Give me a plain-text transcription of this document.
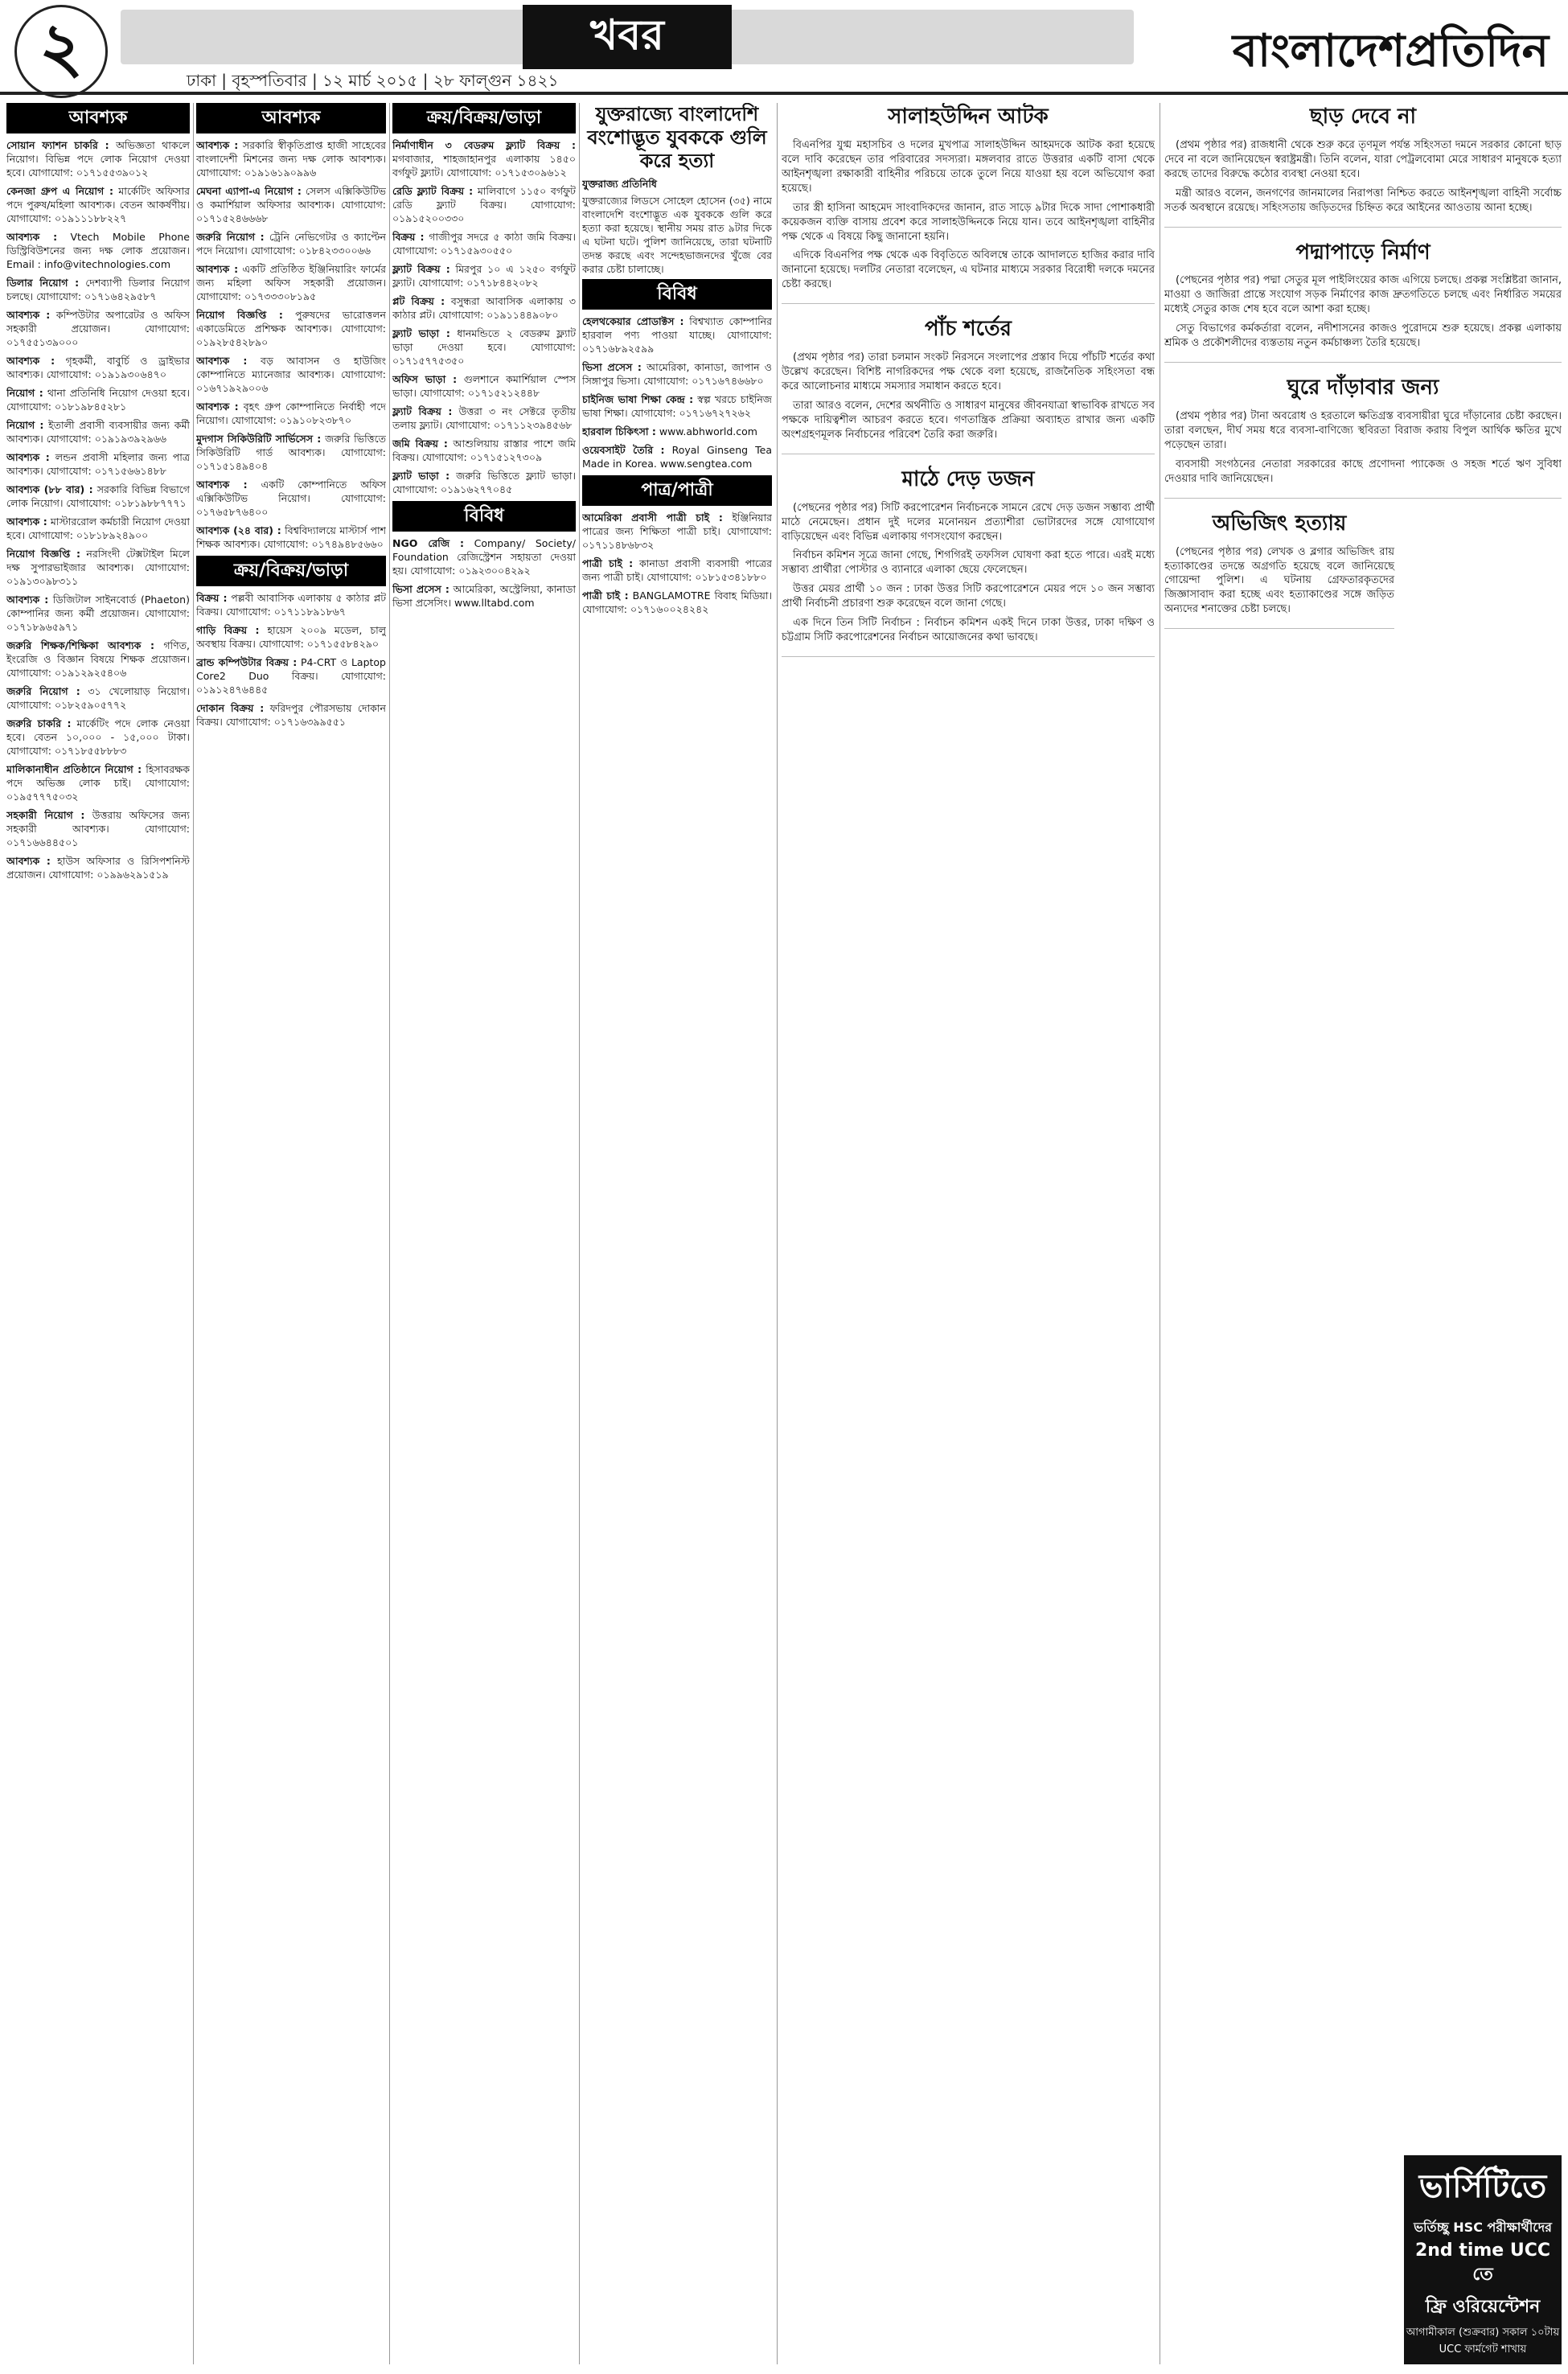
২	খবর
ঢাকা | বৃহস্পতিবার | ১২ মার্চ ২০১৫ | ২৮ ফাল্গুন ১৪২১
বাংলাদেশপ্রতিদিন
আবশ্যক

সোয়ান ফ্যাশন চাকরি : অভিজ্ঞতা থাকলে নিয়োগ। বিভিন্ন পদে লোক নিয়োগ দেওয়া হবে। যোগাযোগ: ০১৭১৫৫৩৯০১২

কেনজা গ্রুপ এ নিয়োগ : মার্কেটিং অফিসার পদে পুরুষ/মহিলা আবশ্যক। বেতন আকর্ষণীয়। যোগাযোগ: ০১৯১১১৮৮২২৭

আবশ্যক : Vtech Mobile Phone ডিস্ট্রিবিউশনের জন্য দক্ষ লোক প্রয়োজন। Email : info@vitechnologies.com

ডিলার নিয়োগ : দেশব্যাপী ডিলার নিয়োগ চলছে। যোগাযোগ: ০১৭১৬৪২৯৫৮৭

আবশ্যক : কম্পিউটার অপারেটর ও অফিস সহকারী প্রয়োজন। যোগাযোগ: ০১৭৫৫১৩৯০০০

আবশ্যক : গৃহকর্মী, বাবুর্চি ও ড্রাইভার আবশ্যক। যোগাযোগ: ০১৯১৯৩০৬৪৭০

নিয়োগ : থানা প্রতিনিধি নিয়োগ দেওয়া হবে। যোগাযোগ: ০১৮১৯৮৪৫২৮১

নিয়োগ : ইতালী প্রবাসী ব্যবসায়ীর জন্য কর্মী আবশ্যক। যোগাযোগ: ০১৯১৯৩৯২৯৬৬

আবশ্যক : লন্ডন প্রবাসী মহিলার জন্য পাত্র আবশ্যক। যোগাযোগ: ০১৭১৫৬৬১৪৮৮

আবশ্যক (৮৮ বার) : সরকারি বিভিন্ন বিভাগে লোক নিয়োগ। যোগাযোগ: ০১৮১৯৮৮৭৭৭১

আবশ্যক : মাস্টাররোল কর্মচারী নিয়োগ দেওয়া হবে। যোগাযোগ: ০১৮১৮৯২৪৯০০

নিয়োগ বিজ্ঞপ্তি : নরসিংদী টেক্সটাইল মিলে দক্ষ সুপারভাইজার আবশ্যক। যোগাযোগ: ০১৯১৩০৯৮৩১১

আবশ্যক : ডিজিটাল সাইনবোর্ড (Phaeton) কোম্পানির জন্য কর্মী প্রয়োজন। যোগাযোগ: ০১৭১৮৯৬৫৯৭১

জরুরি শিক্ষক/শিক্ষিকা আবশ্যক : গণিত, ইংরেজি ও বিজ্ঞান বিষয়ে শিক্ষক প্রয়োজন। যোগাযোগ: ০১৯১২৯২৫৪০৬

জরুরি নিয়োগ : ৩১ খেলোয়াড় নিয়োগ। যোগাযোগ: ০১৮২৫৯০৫৭৭২

জরুরি চাকরি : মার্কেটিং পদে লোক নেওয়া হবে। বেতন ১০,০০০ - ১৫,০০০ টাকা। যোগাযোগ: ০১৭১৮৫৫৮৮৮৩

মালিকানাধীন প্রতিষ্ঠানে নিয়োগ : হিসাবরক্ষক পদে অভিজ্ঞ লোক চাই। যোগাযোগ: ০১৯৫৭৭৭৫০৩২

সহকারী নিয়োগ : উত্তরায় অফিসের জন্য সহকারী আবশ্যক। যোগাযোগ: ০১৭১৬৬৪৪৫০১

আবশ্যক : হাউস অফিসার ও রিসিপশনিস্ট প্রয়োজন। যোগাযোগ: ০১৯৯৬২৯১৫১৯

আবশ্যক

আবশ্যক : সরকারি স্বীকৃতিপ্রাপ্ত হাজী সাহেবের বাংলাদেশী মিশনের জন্য দক্ষ লোক আবশ্যক। যোগাযোগ: ০১৯১৬১৯০৯৯৬

মেঘনা এ্যাপা-এ নিয়োগ : সেলস এক্সিকিউটিভ ও কমার্শিয়াল অফিসার আবশ্যক। যোগাযোগ: ০১৭১৫২৪৬৬৬৮

জরুরি নিয়োগ : ট্রেনি নেভিগেটর ও ক্যাপ্টেন পদে নিয়োগ। যোগাযোগ: ০১৮৪২৩৩০০৬৬

আবশ্যক : একটি প্রতিষ্ঠিত ইঞ্জিনিয়ারিং ফার্মের জন্য মহিলা অফিস সহকারী প্রয়োজন। যোগাযোগ: ০১৭৩৩৩০৮১৯৫

নিয়োগ বিজ্ঞপ্তি : পুরুষদের ভারোত্তলন একাডেমিতে প্রশিক্ষক আবশ্যক। যোগাযোগ: ০১৯২৮৫৪২৮৯০

আবশ্যক : বড় আবাসন ও হাউজিং কোম্পানিতে ম্যানেজার আবশ্যক। যোগাযোগ: ০১৬৭১৯২৯০০৬

আবশ্যক : বৃহৎ গ্রুপ কোম্পানিতে নির্বাহী পদে নিয়োগ। যোগাযোগ: ০১৯১০৮২৩৮৭০

মুদগাস সিকিউরিটি সার্ভিসেস : জরুরি ভিত্তিতে সিকিউরিটি গার্ড আবশ্যক। যোগাযোগ: ০১৭১৫১৪৯৪০৪

আবশ্যক : একটি কোম্পানিতে অফিস এক্সিকিউটিভ নিয়োগ। যোগাযোগ: ০১৭৬৫৮৭৬৪০০

আবশ্যক (২৪ বার) : বিশ্ববিদ্যালয়ে মাস্টার্স পাশ শিক্ষক আবশ্যক। যোগাযোগ: ০১৭৪৯৪৮৫৬৬০

ক্রয়/বিক্রয়/ভাড়া

বিক্রয় : পল্লবী আবাসিক এলাকায় ৫ কাঠার প্লট বিক্রয়। যোগাযোগ: ০১৭১১৮৯১৮৬৭

গাড়ি বিক্রয় : হায়েস ২০০৯ মডেল, চালু অবস্থায় বিক্রয়। যোগাযোগ: ০১৭১৫৫৮৪২৯০

ব্রান্ড কম্পিউটার বিক্রয় : P4-CRT ও Laptop Core2 Duo বিক্রয়। যোগাযোগ: ০১৯১২৪৭৬৪৪৫

দোকান বিক্রয় : ফরিদপুর পৌরসভায় দোকান বিক্রয়। যোগাযোগ: ০১৭১৬৩৯৯৫৫১

ক্রয়/বিক্রয়/ভাড়া

নির্মাণাধীন ৩ বেডরুম ফ্ল্যাট বিক্রয় : মগবাজার, শাহজাহানপুর এলাকায় ১৪৫০ বর্গফুট ফ্ল্যাট। যোগাযোগ: ০১৭১৫৩০৯৬১২

রেডি ফ্ল্যাট বিক্রয় : মালিবাগে ১১৫০ বর্গফুট রেডি ফ্ল্যাট বিক্রয়। যোগাযোগ: ০১৯১৫২০০৩৩০

বিক্রয় : গাজীপুর সদরে ৫ কাঠা জমি বিক্রয়। যোগাযোগ: ০১৭১৫৯৩০৫৫০

ফ্ল্যাট বিক্রয় : মিরপুর ১০ এ ১২৫০ বর্গফুট ফ্ল্যাট। যোগাযোগ: ০১৭১৮৪৪২০৮২

প্লট বিক্রয় : বসুন্ধরা আবাসিক এলাকায় ৩ কাঠার প্লট। যোগাযোগ: ০১৯১১৪৪৯০৮০

ফ্ল্যাট ভাড়া : ধানমন্ডিতে ২ বেডরুম ফ্ল্যাট ভাড়া দেওয়া হবে। যোগাযোগ: ০১৭১৫৭৭৫৩৫০

অফিস ভাড়া : গুলশানে কমার্শিয়াল স্পেস ভাড়া। যোগাযোগ: ০১৭১৫২১২৪৪৮

ফ্ল্যাট বিক্রয় : উত্তরা ৩ নং সেক্টরে তৃতীয় তলায় ফ্ল্যাট। যোগাযোগ: ০১৭১১২৩৯৪৫৬৮

জমি বিক্রয় : আশুলিয়ায় রাস্তার পাশে জমি বিক্রয়। যোগাযোগ: ০১৭১৫১২৭৩০৯

ফ্ল্যাট ভাড়া : জরুরি ভিত্তিতে ফ্ল্যাট ভাড়া। যোগাযোগ: ০১৯১৬২৭৭০৪৫

বিবিধ

NGO রেজি : Company/ Society/ Foundation রেজিস্ট্রেশন সহায়তা দেওয়া হয়। যোগাযোগ: ০১৯২৩০০৪২৯২

ভিসা প্রসেস : আমেরিকা, অস্ট্রেলিয়া, কানাডা ভিসা প্রসেসিং। www.lltabd.com

যুক্তরাজ্যে বাংলাদেশি বংশোদ্ভূত যুবককে গুলি করে হত্যা

যুক্তরাজ্য প্রতিনিধি

যুক্তরাজ্যের লিডসে সোহেল হোসেন (৩৫) নামে বাংলাদেশি বংশোদ্ভূত এক যুবককে গুলি করে হত্যা করা হয়েছে। স্থানীয় সময় রাত ৯টার দিকে এ ঘটনা ঘটে। পুলিশ জানিয়েছে, তারা ঘটনাটি তদন্ত করছে এবং সন্দেহভাজনদের খুঁজে বের করার চেষ্টা চালাচ্ছে।

বিবিধ

হেলথকেয়ার প্রোডাক্টস : বিশ্বখ্যাত কোম্পানির হারবাল পণ্য পাওয়া যাচ্ছে। যোগাযোগ: ০১৭১৬৮৯২৫৯৯

ভিসা প্রসেস : আমেরিকা, কানাডা, জাপান ও সিঙ্গাপুর ভিসা। যোগাযোগ: ০১৭১৬৭৪৬৬৮০

চাইনিজ ভাষা শিক্ষা কেন্দ্র : স্বল্প খরচে চাইনিজ ভাষা শিক্ষা। যোগাযোগ: ০১৭১৬৭২৭২৬২

হারবাল চিকিৎসা : www.abhworld.com

ওয়েবসাইট তৈরি : Royal Ginseng Tea Made in Korea. www.sengtea.com

পাত্র/পাত্রী

আমেরিকা প্রবাসী পাত্রী চাই : ইঞ্জিনিয়ার পাত্রের জন্য শিক্ষিতা পাত্রী চাই। যোগাযোগ: ০১৭১১৪৮৬৮৩২

পাত্রী চাই : কানাডা প্রবাসী ব্যবসায়ী পাত্রের জন্য পাত্রী চাই। যোগাযোগ: ০১৮১৫৩৪১৮৮০

পাত্রী চাই : BANGLAMOTRE বিবাহ মিডিয়া। যোগাযোগ: ০১৭১৬০০২৪২৪২

সালাহউদ্দিন আটক

বিএনপির যুগ্ম মহাসচিব ও দলের মুখপাত্র সালাহউদ্দিন আহমদকে আটক করা হয়েছে বলে দাবি করেছেন তার পরিবারের সদস্যরা। মঙ্গলবার রাতে উত্তরার একটি বাসা থেকে আইনশৃঙ্খলা রক্ষাকারী বাহিনীর পরিচয়ে তাকে তুলে নিয়ে যাওয়া হয় বলে অভিযোগ করা হয়েছে।

তার স্ত্রী হাসিনা আহমেদ সাংবাদিকদের জানান, রাত সাড়ে ৯টার দিকে সাদা পোশাকধারী কয়েকজন ব্যক্তি বাসায় প্রবেশ করে সালাহউদ্দিনকে নিয়ে যান। তবে আইনশৃঙ্খলা বাহিনীর পক্ষ থেকে এ বিষয়ে কিছু জানানো হয়নি।

এদিকে বিএনপির পক্ষ থেকে এক বিবৃতিতে অবিলম্বে তাকে আদালতে হাজির করার দাবি জানানো হয়েছে। দলটির নেতারা বলেছেন, এ ঘটনার মাধ্যমে সরকার বিরোধী দলকে দমনের চেষ্টা করছে।

পাঁচ শর্তের

(প্রথম পৃষ্ঠার পর) তারা চলমান সংকট নিরসনে সংলাপের প্রস্তাব দিয়ে পাঁচটি শর্তের কথা উল্লেখ করেছেন। বিশিষ্ট নাগরিকদের পক্ষ থেকে বলা হয়েছে, রাজনৈতিক সহিংসতা বন্ধ করে আলোচনার মাধ্যমে সমস্যার সমাধান করতে হবে।

তারা আরও বলেন, দেশের অর্থনীতি ও সাধারণ মানুষের জীবনযাত্রা স্বাভাবিক রাখতে সব পক্ষকে দায়িত্বশীল আচরণ করতে হবে। গণতান্ত্রিক প্রক্রিয়া অব্যাহত রাখার জন্য একটি অংশগ্রহণমূলক নির্বাচনের পরিবেশ তৈরি করা জরুরি।

মাঠে দেড় ডজন

(পেছনের পৃষ্ঠার পর) সিটি করপোরেশন নির্বাচনকে সামনে রেখে দেড় ডজন সম্ভাব্য প্রার্থী মাঠে নেমেছেন। প্রধান দুই দলের মনোনয়ন প্রত্যাশীরা ভোটারদের সঙ্গে যোগাযোগ বাড়িয়েছেন এবং বিভিন্ন এলাকায় গণসংযোগ করছেন।

নির্বাচন কমিশন সূত্রে জানা গেছে, শিগগিরই তফসিল ঘোষণা করা হতে পারে। এরই মধ্যে সম্ভাব্য প্রার্থীরা পোস্টার ও ব্যানারে এলাকা ছেয়ে ফেলেছেন।

উত্তর মেয়র প্রার্থী ১০ জন : ঢাকা উত্তর সিটি করপোরেশনে মেয়র পদে ১০ জন সম্ভাব্য প্রার্থী নির্বাচনী প্রচারণা শুরু করেছেন বলে জানা গেছে।

এক দিনে তিন সিটি নির্বাচন : নির্বাচন কমিশন একই দিনে ঢাকা উত্তর, ঢাকা দক্ষিণ ও চট্টগ্রাম সিটি করপোরেশনের নির্বাচন আয়োজনের কথা ভাবছে।

ছাড় দেবে না

(প্রথম পৃষ্ঠার পর) রাজধানী থেকে শুরু করে তৃণমূল পর্যন্ত সহিংসতা দমনে সরকার কোনো ছাড় দেবে না বলে জানিয়েছেন স্বরাষ্ট্রমন্ত্রী। তিনি বলেন, যারা পেট্রলবোমা মেরে সাধারণ মানুষকে হত্যা করছে তাদের বিরুদ্ধে কঠোর ব্যবস্থা নেওয়া হবে।

মন্ত্রী আরও বলেন, জনগণের জানমালের নিরাপত্তা নিশ্চিত করতে আইনশৃঙ্খলা বাহিনী সর্বোচ্চ সতর্ক অবস্থানে রয়েছে। সহিংসতায় জড়িতদের চিহ্নিত করে আইনের আওতায় আনা হচ্ছে।

পদ্মাপাড়ে নির্মাণ

(পেছনের পৃষ্ঠার পর) পদ্মা সেতুর মূল পাইলিংয়ের কাজ এগিয়ে চলছে। প্রকল্প সংশ্লিষ্টরা জানান, মাওয়া ও জাজিরা প্রান্তে সংযোগ সড়ক নির্মাণের কাজ দ্রুতগতিতে চলছে এবং নির্ধারিত সময়ের মধ্যেই সেতুর কাজ শেষ হবে বলে আশা করা হচ্ছে।

সেতু বিভাগের কর্মকর্তারা বলেন, নদীশাসনের কাজও পুরোদমে শুরু হয়েছে। প্রকল্প এলাকায় শ্রমিক ও প্রকৌশলীদের ব্যস্ততায় নতুন কর্মচাঞ্চল্য তৈরি হয়েছে।

ঘুরে দাঁড়াবার জন্য

(প্রথম পৃষ্ঠার পর) টানা অবরোধ ও হরতালে ক্ষতিগ্রস্ত ব্যবসায়ীরা ঘুরে দাঁড়ানোর চেষ্টা করছেন। তারা বলছেন, দীর্ঘ সময় ধরে ব্যবসা-বাণিজ্যে স্থবিরতা বিরাজ করায় বিপুল আর্থিক ক্ষতির মুখে পড়েছেন তারা।

ব্যবসায়ী সংগঠনের নেতারা সরকারের কাছে প্রণোদনা প্যাকেজ ও সহজ শর্তে ঋণ সুবিধা দেওয়ার দাবি জানিয়েছেন।

অভিজিৎ হত্যায়

(পেছনের পৃষ্ঠার পর) লেখক ও ব্লগার অভিজিৎ রায় হত্যাকাণ্ডের তদন্তে অগ্রগতি হয়েছে বলে জানিয়েছে গোয়েন্দা পুলিশ। এ ঘটনায় গ্রেফতারকৃতদের জিজ্ঞাসাবাদ করা হচ্ছে এবং হত্যাকাণ্ডের সঙ্গে জড়িত অন্যদের শনাক্তের চেষ্টা চলছে।

ভার্সিটিতে
ভর্তিচ্ছু HSC পরীক্ষার্থীদের
2nd time UCC তে
ফ্রি ওরিয়েন্টেশন
আগামীকাল (শুক্রবার) সকাল ১০টায় UCC ফার্মগেট শাখায়
